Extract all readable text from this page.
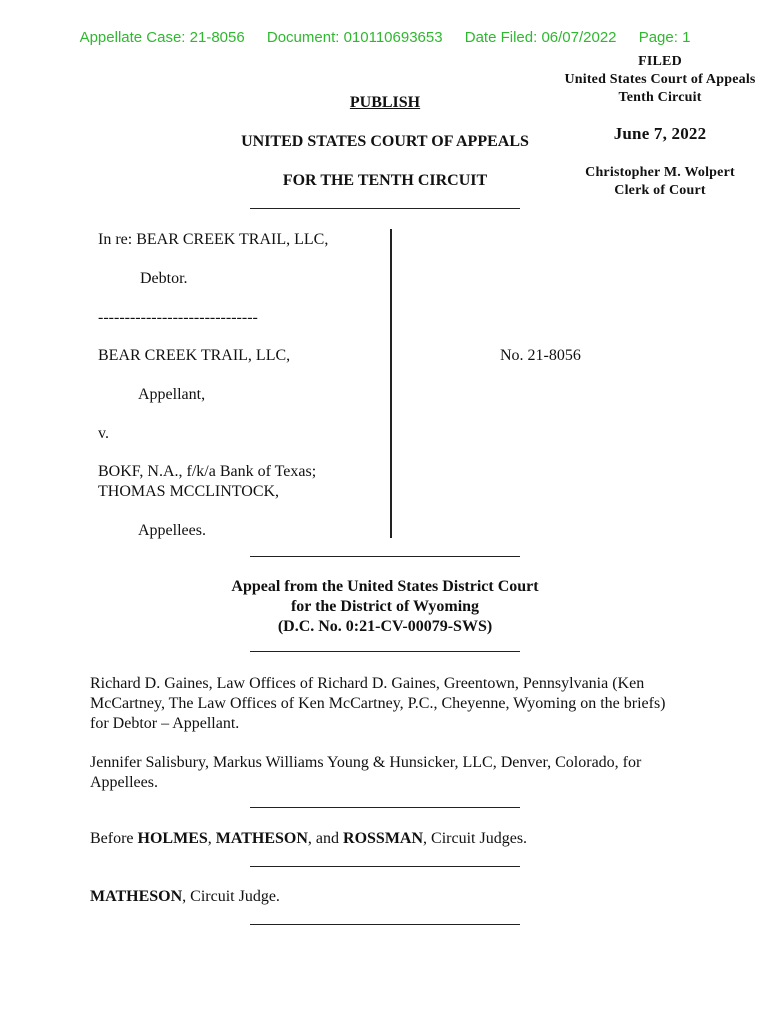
Appellate Case: 21-8056 Document: 010110693653 Date Filed: 06/07/2022 Page: 1
FILED
United States Court of Appeals
Tenth Circuit
June 7, 2022
Christopher M. Wolpert
Clerk of Court
PUBLISH
UNITED STATES COURT OF APPEALS
FOR THE TENTH CIRCUIT
In re: BEAR CREEK TRAIL, LLC,
Debtor.
------------------------------
BEAR CREEK TRAIL, LLC,	No. 21-8056
Appellant,
v.
BOKF, N.A., f/k/a Bank of Texas;
THOMAS MCCLINTOCK,
Appellees.
Appeal from the United States District Court
for the District of Wyoming
(D.C. No. 0:21-CV-00079-SWS)
Richard D. Gaines, Law Offices of Richard D. Gaines, Greentown, Pennsylvania (Ken McCartney, The Law Offices of Ken McCartney, P.C., Cheyenne, Wyoming on the briefs) for Debtor – Appellant.
Jennifer Salisbury, Markus Williams Young & Hunsicker, LLC, Denver, Colorado, for Appellees.
Before HOLMES, MATHESON, and ROSSMAN, Circuit Judges.
MATHESON, Circuit Judge.
